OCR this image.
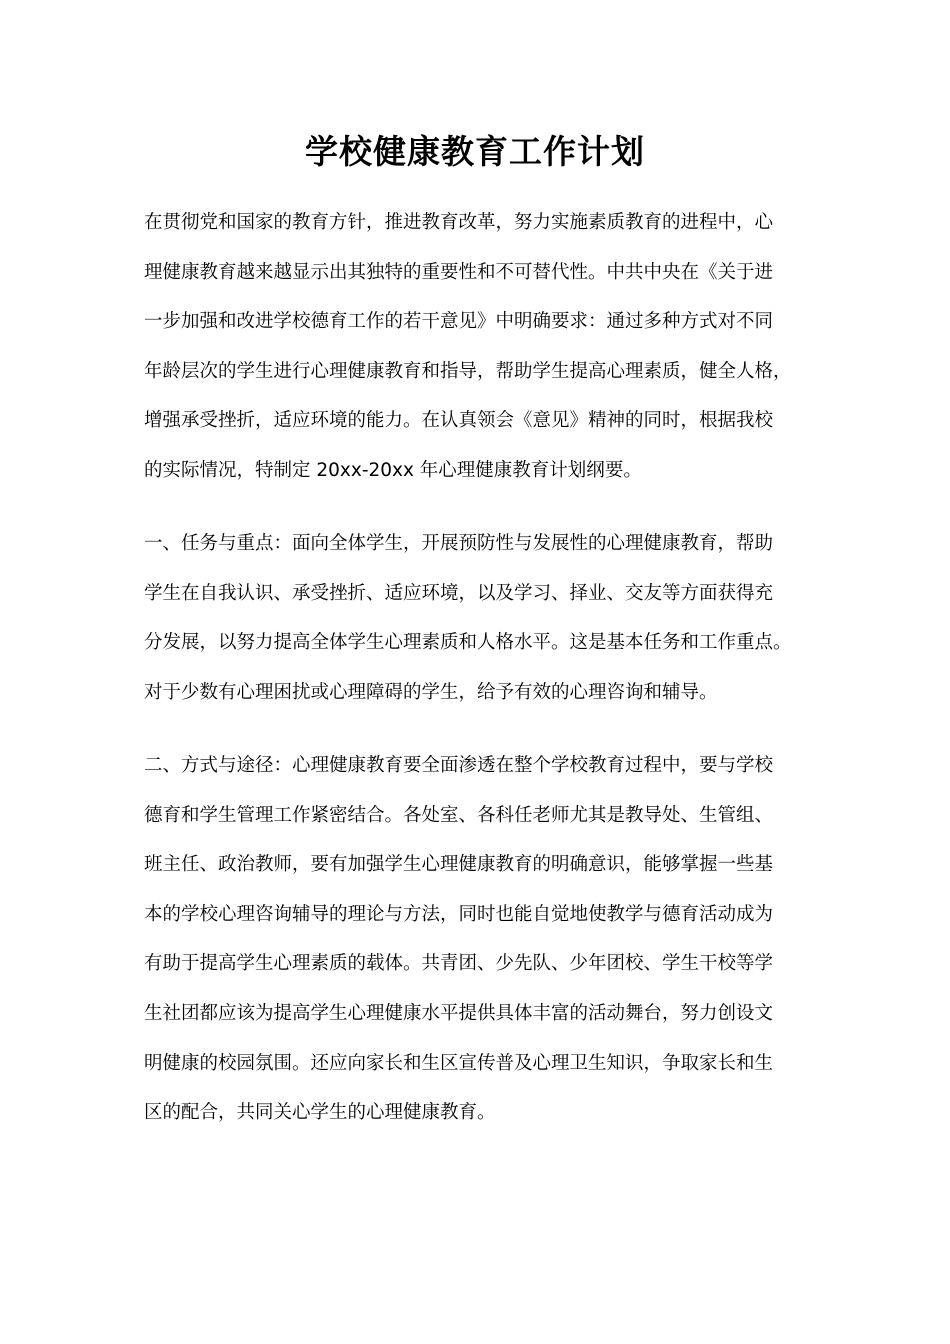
学校健康教育工作计划

在贯彻党和国家的教育方针，推进教育改革，努力实施素质教育的进程中，心
理健康教育越来越显示出其独特的重要性和不可替代性。中共中央在《关于进
一步加强和改进学校德育工作的若干意见》中明确要求：通过多种方式对不同
年龄层次的学生进行心理健康教育和指导，帮助学生提高心理素质，健全人格，
增强承受挫折，适应环境的能力。在认真领会《意见》精神的同时，根据我校
的实际情况，特制定 20xx-20xx 年心理健康教育计划纲要。

一、任务与重点：面向全体学生，开展预防性与发展性的心理健康教育，帮助
学生在自我认识、承受挫折、适应环境，以及学习、择业、交友等方面获得充
分发展，以努力提高全体学生心理素质和人格水平。这是基本任务和工作重点。
对于少数有心理困扰或心理障碍的学生，给予有效的心理咨询和辅导。

二、方式与途径：心理健康教育要全面渗透在整个学校教育过程中，要与学校
德育和学生管理工作紧密结合。各处室、各科任老师尤其是教导处、生管组、
班主任、政治教师，要有加强学生心理健康教育的明确意识，能够掌握一些基
本的学校心理咨询辅导的理论与方法，同时也能自觉地使教学与德育活动成为
有助于提高学生心理素质的载体。共青团、少先队、少年团校、学生干校等学
生社团都应该为提高学生心理健康水平提供具体丰富的活动舞台，努力创设文
明健康的校园氛围。还应向家长和生区宣传普及心理卫生知识，争取家长和生
区的配合，共同关心学生的心理健康教育。
